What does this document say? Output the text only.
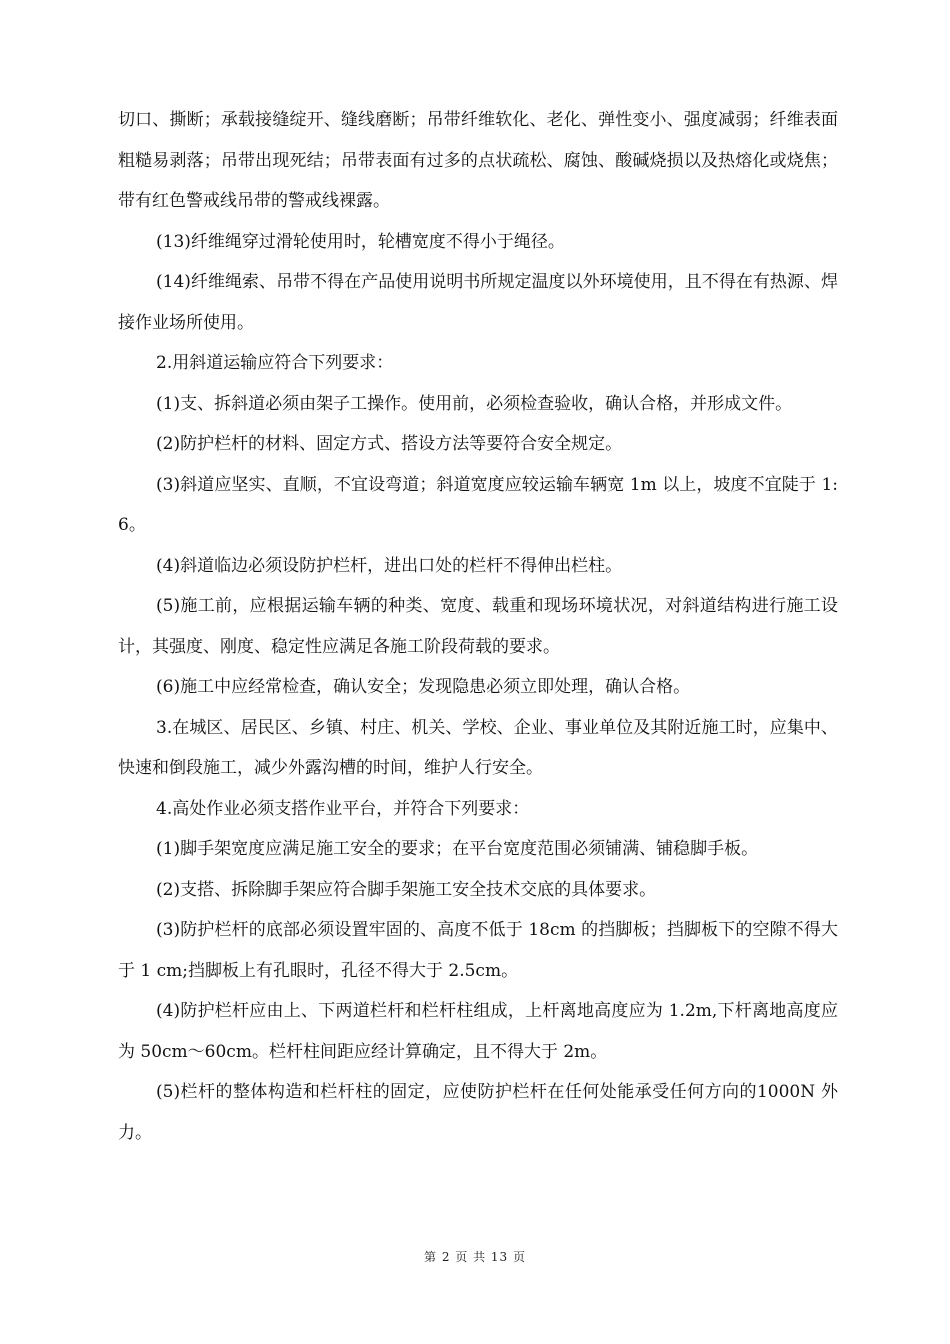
切口、撕断；承载接缝绽开、缝线磨断；吊带纤维软化、老化、弹性变小、强度减弱；纤维表面粗糙易剥落；吊带出现死结；吊带表面有过多的点状疏松、腐蚀、酸碱烧损以及热熔化或烧焦；带有红色警戒线吊带的警戒线裸露。

(13)纤维绳穿过滑轮使用时，轮槽宽度不得小于绳径。

(14)纤维绳索、吊带不得在产品使用说明书所规定温度以外环境使用，且不得在有热源、焊接作业场所使用。

2.用斜道运输应符合下列要求：

(1)支、拆斜道必须由架子工操作。使用前，必须检查验收，确认合格，并形成文件。

(2)防护栏杆的材料、固定方式、搭设方法等要符合安全规定。

(3)斜道应坚实、直顺，不宜设弯道；斜道宽度应较运输车辆宽 1m 以上，坡度不宜陡于 1:6。

(4)斜道临边必须设防护栏杆，进出口处的栏杆不得伸出栏柱。

(5)施工前，应根据运输车辆的种类、宽度、载重和现场环境状况，对斜道结构进行施工设计，其强度、刚度、稳定性应满足各施工阶段荷载的要求。

(6)施工中应经常检查，确认安全；发现隐患必须立即处理，确认合格。

3.在城区、居民区、乡镇、村庄、机关、学校、企业、事业单位及其附近施工时，应集中、快速和倒段施工，减少外露沟槽的时间，维护人行安全。

4.高处作业必须支搭作业平台，并符合下列要求：

(1)脚手架宽度应满足施工安全的要求；在平台宽度范围必须铺满、铺稳脚手板。

(2)支搭、拆除脚手架应符合脚手架施工安全技术交底的具体要求。

(3)防护栏杆的底部必须设置牢固的、高度不低于 18cm 的挡脚板；挡脚板下的空隙不得大于 1 cm;挡脚板上有孔眼时，孔径不得大于 2.5cm。

(4)防护栏杆应由上、下两道栏杆和栏杆柱组成，上杆离地高度应为 1.2m,下杆离地高度应为 50cm～60cm。栏杆柱间距应经计算确定，且不得大于 2m。

(5)栏杆的整体构造和栏杆柱的固定，应使防护栏杆在任何处能承受任何方向的1000N 外力。

第 2 页 共 13 页
